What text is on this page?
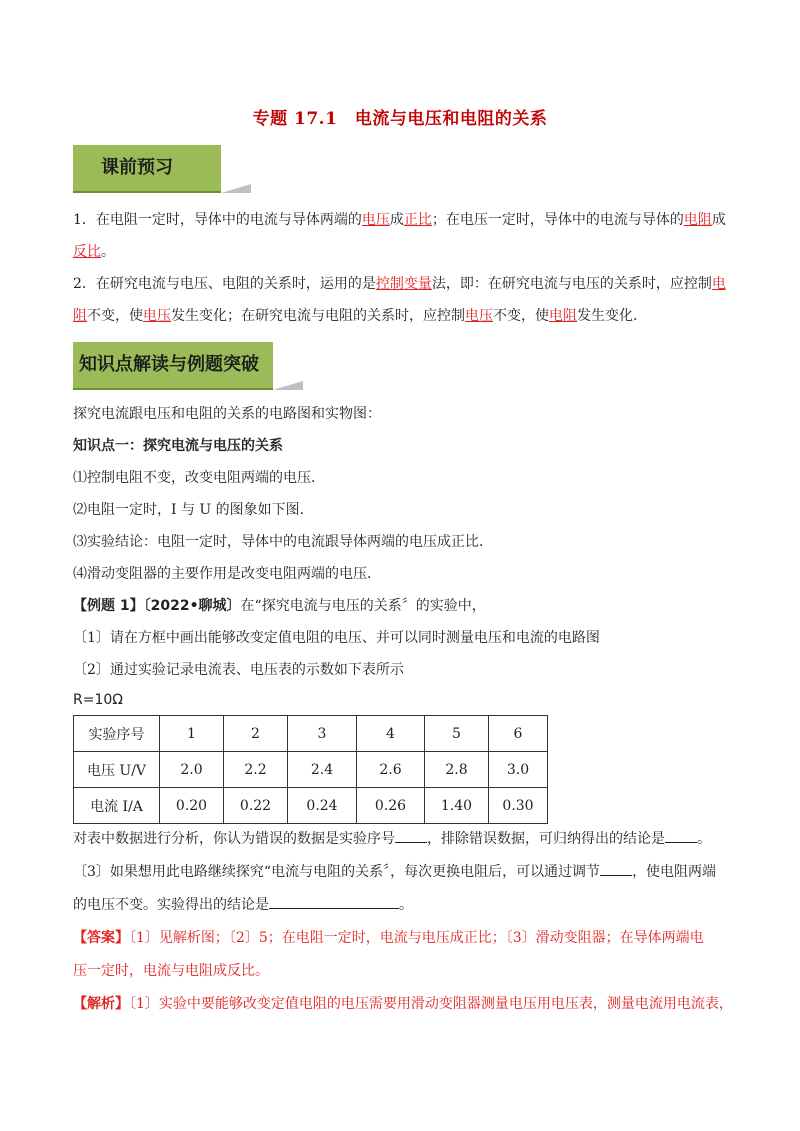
专题 17.1　电流与电压和电阻的关系
课前预习
1．在电阻一定时，导体中的电流与导体两端的电压成正比；在电压一定时，导体中的电流与导体的电阻成
反比。
2．在研究电流与电压、电阻的关系时，运用的是控制变量法，即：在研究电流与电压的关系时，应控制电
阻不变，使电压发生变化；在研究电流与电阻的关系时，应控制电压不变，使电阻发生变化．
知识点解读与例题突破
探究电流跟电压和电阻的关系的电路图和实物图：
知识点一：探究电流与电压的关系
⑴控制电阻不变，改变电阻两端的电压．
⑵电阻一定时，I 与 U 的图象如下图．
⑶实验结论：电阻一定时，导体中的电流跟导体两端的电压成正比．
⑷滑动变阻器的主要作用是改变电阻两端的电压．
【例题 1】〔2022•聊城〕在“探究电流与电压的关系〞的实验中，
〔1〕请在方框中画出能够改变定值电阻的电压、并可以同时测量电压和电流的电路图
〔2〕通过实验记录电流表、电压表的示数如下表所示
R=10Ω
实验序号	1	2	3	4	5	6
电压 U/V	2.0	2.2	2.4	2.6	2.8	3.0
电流 I/A	0.20	0.22	0.24	0.26	1.40	0.30
对表中数据进行分析，你认为错误的数据是实验序号 ，排除错误数据，可归纳得出的结论是 。
〔3〕如果想用此电路继续探究“电流与电阻的关系〞，每次更换电阻后，可以通过调节 ，使电阻两端
的电压不变。实验得出的结论是	。
【答案】〔1〕见解析图；〔2〕5；在电阻一定时，电流与电压成正比；〔3〕滑动变阻器；在导体两端电
压一定时，电流与电阻成反比。
【解析】〔1〕实验中要能够改变定值电阻的电压需要用滑动变阻器测量电压用电压表，测量电流用电流表，
